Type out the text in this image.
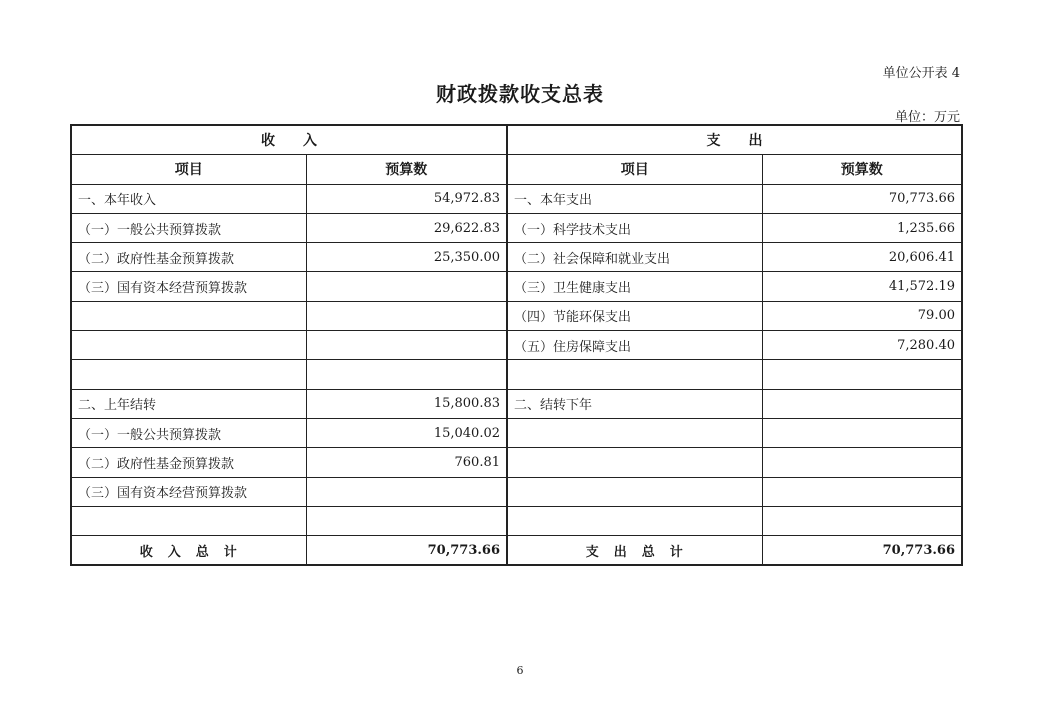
单位公开表 4
财政拨款收支总表
单位：万元
收　　入		支　　出	
项目	预算数	项目	预算数
一、本年收入	54,972.83	一、本年支出	70,773.66
（一）一般公共预算拨款	29,622.83	（一）科学技术支出	1,235.66
（二）政府性基金预算拨款	25,350.00	（二）社会保障和就业支出	20,606.41
（三）国有资本经营预算拨款		（三）卫生健康支出	41,572.19
		（四）节能环保支出	79.00
		（五）住房保障支出	7,280.40

二、上年结转	15,800.83	二、结转下年	
（一）一般公共预算拨款	15,040.02		
（二）政府性基金预算拨款	760.81		
（三）国有资本经营预算拨款			

收　入　总　计	70,773.66	支　出　总　计	70,773.66
6
